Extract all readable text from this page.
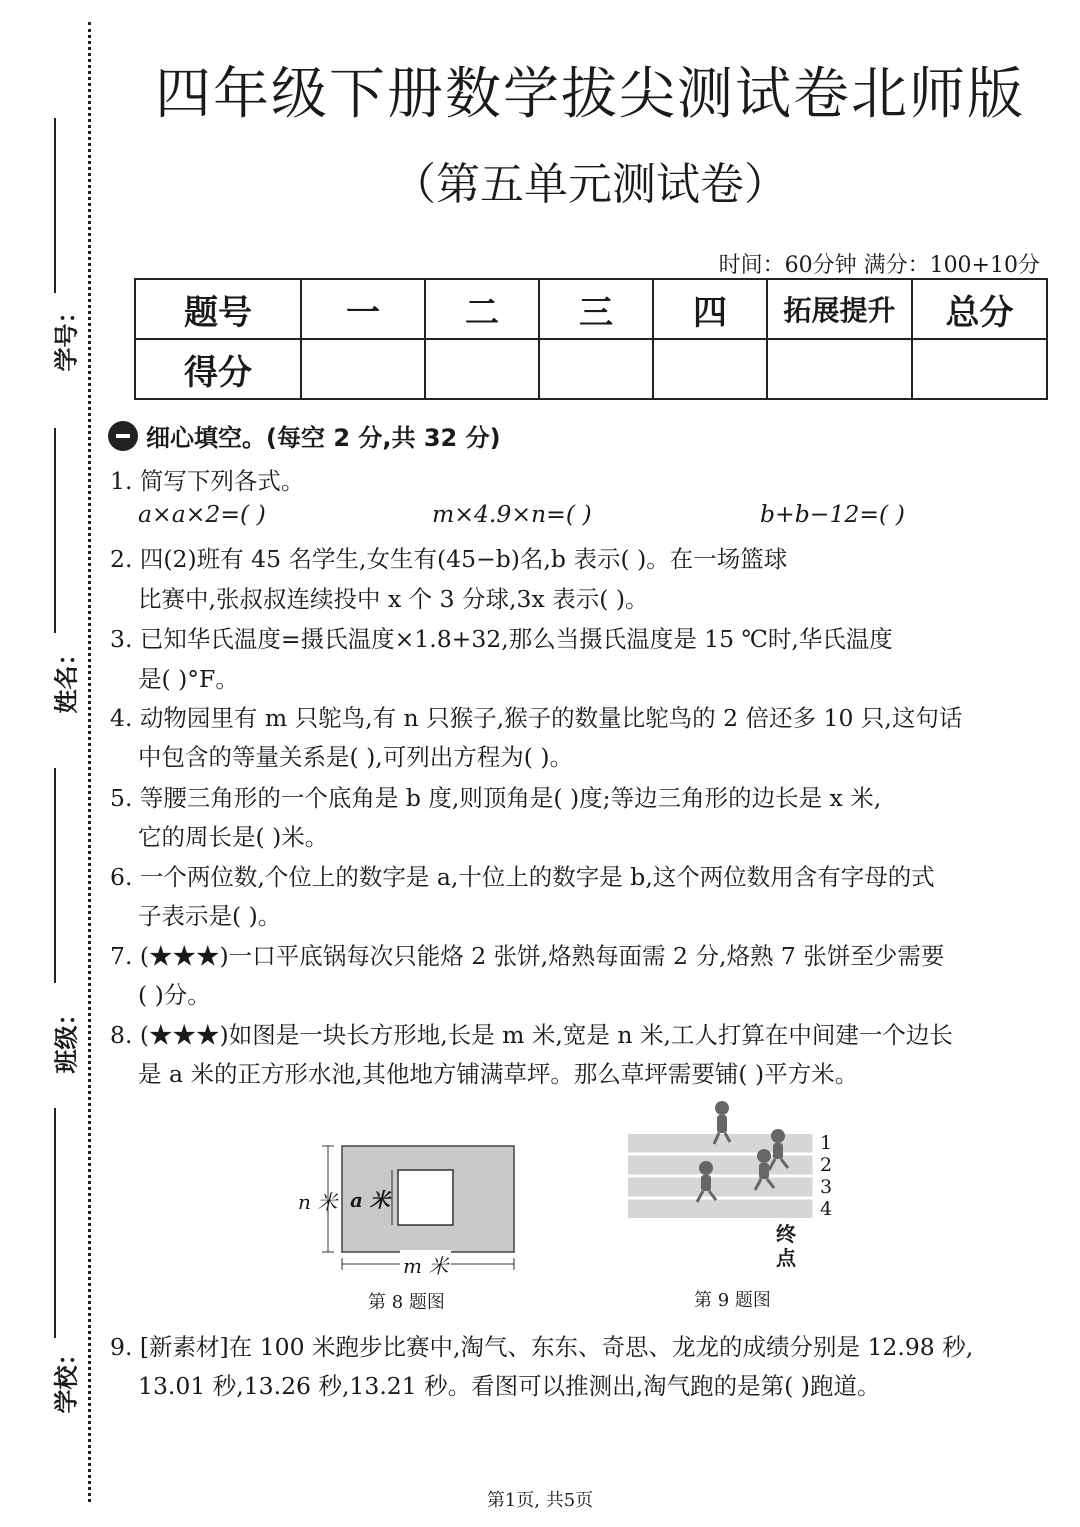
学号：
姓名：
班级：
学校：
四年级下册数学拔尖测试卷北师版
（第五单元测试卷）
时间：60分钟 满分：100+10分
题号	一	二	三	四	拓展提升	总分
得分						
细心填空。(每空 2 分,共 32 分)
1. 简写下列各式。
a×a×2=( )	m×4.9×n=( )	b+b−12=( )
2. 四(2)班有 45 名学生,女生有(45−b)名,b 表示( )。在一场篮球
比赛中,张叔叔连续投中 x 个 3 分球,3x 表示( )。
3. 已知华氏温度=摄氏温度×1.8+32,那么当摄氏温度是 15 ℃时,华氏温度
是( )°F。
4. 动物园里有 m 只鸵鸟,有 n 只猴子,猴子的数量比鸵鸟的 2 倍还多 10 只,这句话
中包含的等量关系是( ),可列出方程为( )。
5. 等腰三角形的一个底角是 b 度,则顶角是( )度;等边三角形的边长是 x 米,
它的周长是( )米。
6. 一个两位数,个位上的数字是 a,十位上的数字是 b,这个两位数用含有字母的式
子表示是( )。
7. (★★★)一口平底锅每次只能烙 2 张饼,烙熟每面需 2 分,烙熟 7 张饼至少需要
( )分。
8. (★★★)如图是一块长方形地,长是 m 米,宽是 n 米,工人打算在中间建一个边长
是 a 米的正方形水池,其他地方铺满草坪。那么草坪需要铺( )平方米。
n 米 a 米
m 米
第 8 题图
1
2
3
4
终
点
第 9 题图
9. [新素材]在 100 米跑步比赛中,淘气、东东、奇思、龙龙的成绩分别是 12.98 秒,
13.01 秒,13.26 秒,13.21 秒。看图可以推测出,淘气跑的是第( )跑道。
第1页, 共5页
